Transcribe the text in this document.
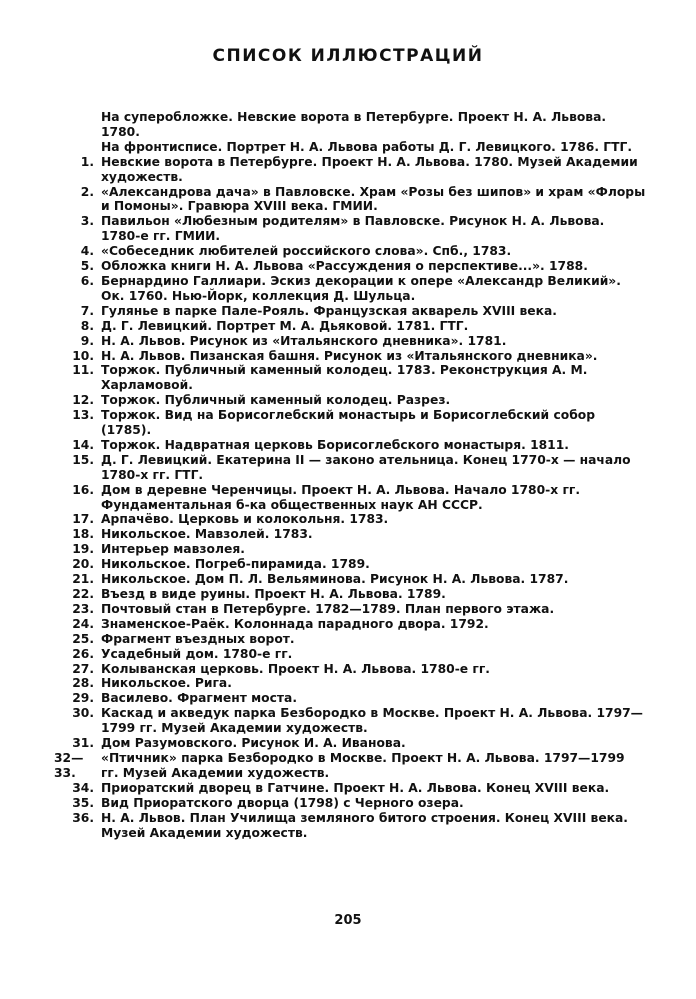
СПИСОК ИЛЛЮСТРАЦИЙ
На суперобложке. Невские ворота в Петербурге. Проект Н. А. Львова. 1780.
На фронтисписе. Портрет Н. А. Львова работы Д. Г. Левицкого. 1786. ГТГ.
1. Невские ворота в Петербурге. Проект Н. А. Львова. 1780. Музей Академии художеств.
2. «Александрова дача» в Павловске. Храм «Розы без шипов» и храм «Флоры и Помоны». Гравюра XVIII века. ГМИИ.
3. Павильон «Любезным родителям» в Павловске. Рисунок Н. А. Львова. 1780-е гг. ГМИИ.
4. «Собеседник любителей российского слова». Спб., 1783.
5. Обложка книги Н. А. Львова «Рассуждения о перспективе...». 1788.
6. Бернардино Галлиари. Эскиз декорации к опере «Александр Великий». Ок. 1760. Нью-Йорк, коллекция Д. Шульца.
7. Гулянье в парке Пале-Рояль. Французская акварель XVIII века.
8. Д. Г. Левицкий. Портрет М. А. Дьяковой. 1781. ГТГ.
9. Н. А. Львов. Рисунок из «Итальянского дневника». 1781.
10. Н. А. Львов. Пизанская башня. Рисунок из «Итальянского дневника».
11. Торжок. Публичный каменный колодец. 1783. Реконструкция А. М. Харламовой.
12. Торжок. Публичный каменный колодец. Разрез.
13. Торжок. Вид на Борисоглебский монастырь и Борисоглебский собор (1785).
14. Торжок. Надвратная церковь Борисоглебского монастыря. 1811.
15. Д. Г. Левицкий. Екатерина II — законо ательница. Конец 1770-х — начало 1780-х гг. ГТГ.
16. Дом в деревне Черенчицы. Проект Н. А. Львова. Начало 1780-х гг. Фундаментальная б-ка общественных наук АН СССР.
17. Арпачёво. Церковь и колокольня. 1783.
18. Никольское. Мавзолей. 1783.
19. Интерьер мавзолея.
20. Никольское. Погреб-пирамида. 1789.
21. Никольское. Дом П. Л. Вельяминова. Рисунок Н. А. Львова. 1787.
22. Въезд в виде руины. Проект Н. А. Львова. 1789.
23. Почтовый стан в Петербурге. 1782—1789. План первого этажа.
24. Знаменское-Раёк. Колоннада парадного двора. 1792.
25. Фрагмент въездных ворот.
26. Усадебный дом. 1780-е гг.
27. Колыванская церковь. Проект Н. А. Львова. 1780-е гг.
28. Никольское. Рига.
29. Василево. Фрагмент моста.
30. Каскад и акведук парка Безбородко в Москве. Проект Н. А. Львова. 1797—1799 гг. Музей Академии художеств.
31. Дом Разумовского. Рисунок И. А. Иванова.
32—33.
«Птичник» парка Безбородко в Москве. Проект Н. А. Львова. 1797—1799 гг. Музей Академии художеств.
34. Приоратский дворец в Гатчине. Проект Н. А. Львова. Конец XVIII века.
35. Вид Приоратского дворца (1798) с Черного озера.
36. Н. А. Львов. План Училища земляного битого строения. Конец XVIII века. Музей Академии художеств.
205
